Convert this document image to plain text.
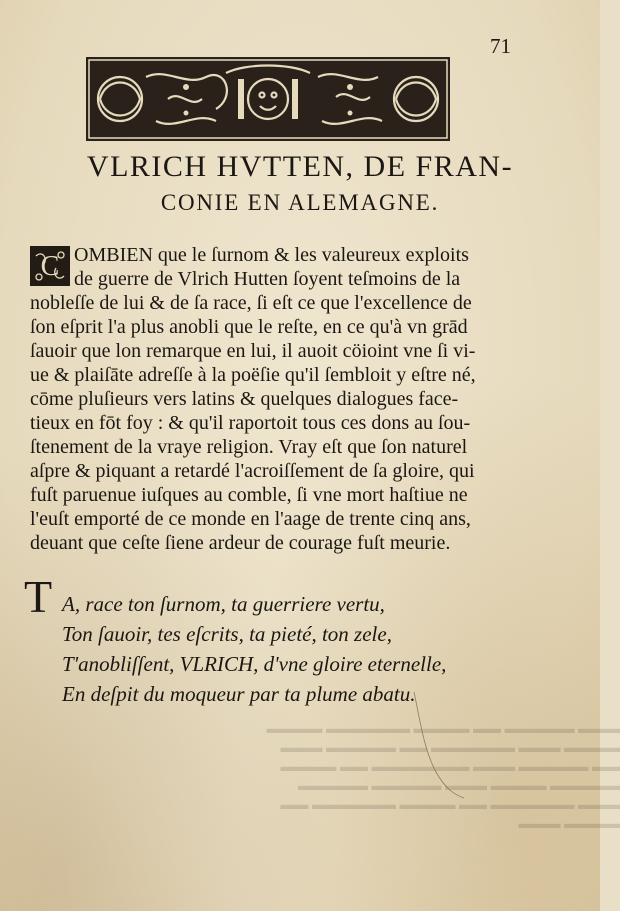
71
VLRICH HVTTEN, DE FRAN-
CONIE EN ALEMAGNE.
C OMBIEN que le ſurnom & les valeureux exploits
de guerre de Vlrich Hutten ſoyent teſmoins de la
nobleſſe de lui & de ſa race, ſi eſt ce que l'excellence de
ſon eſprit l'a plus anobli que le reſte, en ce qu'à vn grād
ſauoir que lon remarque en lui, il auoit cöioint vne ſi vi-
ue & plaiſāte adreſſe à la poëſie qu'il ſembloit y eſtre né,
cōme pluſieurs vers latins & quelques dialogues face-
tieux en fōt foy : & qu'il raportoit tous ces dons au ſou-
ſtenement de la vraye religion. Vray eſt que ſon naturel
aſpre & piquant a retardé l'acroiſſement de ſa gloire, qui
fuſt paruenue iuſques au comble, ſi vne mort haſtiue ne
l'euſt emporté de ce monde en l'aage de trente cinq ans,
deuant que ceſte ſiene ardeur de courage fuſt meurie.
T A, race ton ſurnom, ta guerriere vertu,
Ton ſauoir, tes eſcrits, ta pieté, ton zele,
T'anobliſſent, VLRICH, d'vne gloire eternelle,
En deſpit du moqueur par ta plume abatu.
▬▬▬ ▬▬▬▬▬ ▬▬ ▬▬▬▬ ▬▬▬▬▬▬ ▬▬▬▬
▬▬▬▬ ▬▬▬ ▬▬▬▬▬▬ ▬▬ ▬▬▬▬▬ ▬▬▬
▬▬ ▬▬▬▬▬ ▬▬▬ ▬▬▬▬▬▬▬ ▬▬ ▬▬▬▬
▬▬▬▬▬ ▬▬▬▬ ▬▬▬ ▬▬▬▬▬ ▬▬▬▬▬
▬▬▬ ▬▬▬▬▬▬ ▬▬ ▬▬▬▬ ▬▬▬▬▬▬ ▬▬
▬▬▬▬ ▬▬▬
